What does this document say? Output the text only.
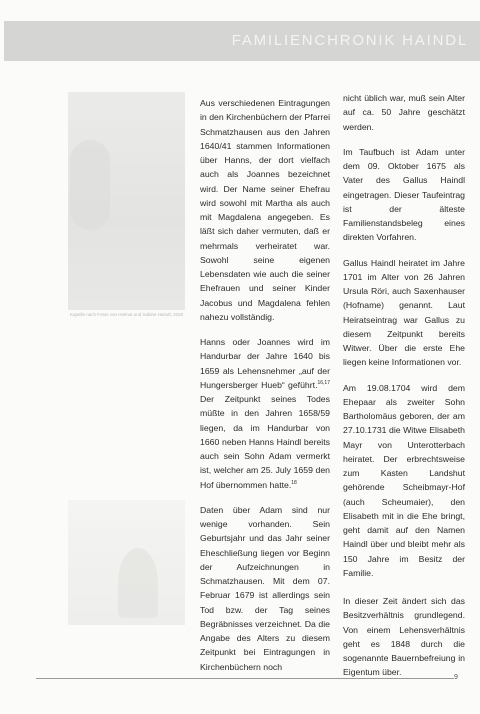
FAMILIENCHRONIK HAINDL
Kapelle nach Fotos von Helmut und Sabine Haindl, 2020

Aus verschiedenen Eintragungen in den Kirchenbüchern der Pfarrei Schmatzhausen aus den Jahren 1640/41 stammen Informationen über Hanns, der dort vielfach auch als Joannes bezeichnet wird. Der Name seiner Ehefrau wird sowohl mit Martha als auch mit Magdalena angegeben. Es läßt sich daher vermuten, daß er mehrmals verheiratet war. Sowohl seine eigenen Lebensdaten wie auch die seiner Ehefrauen und seiner Kinder Jacobus und Magdalena fehlen nahezu vollständig.

Hanns oder Joannes wird im Handurbar der Jahre 1640 bis 1659 als Lehensnehmer „auf der Hungersberger Hueb“ geführt.$^{16,17}$ Der Zeitpunkt seines Todes müßte in den Jahren 1658/59 liegen, da im Handurbar von 1660 neben Hanns Haindl bereits auch sein Sohn Adam vermerkt ist, welcher am 25. July 1659 den Hof übernommen hatte.$^{18}$

Daten über Adam sind nur wenige vorhanden. Sein Geburtsjahr und das Jahr seiner Eheschließung liegen vor Beginn der Aufzeichnungen in Schmatzhausen. Mit dem 07. Februar 1679 ist allerdings sein Tod bzw. der Tag seines Begräbnisses verzeichnet. Da die Angabe des Alters zu diesem Zeitpunkt bei Eintragungen in Kirchenbüchern noch

nicht üblich war, muß sein Alter auf ca. 50 Jahre geschätzt werden.

Im Taufbuch ist Adam unter dem 09. Oktober 1675 als Vater des Gallus Haindl eingetragen. Dieser Taufeintrag ist der älteste Familienstandsbeleg eines direkten Vorfahren.

Gallus Haindl heiratet im Jahre 1701 im Alter von 26 Jahren Ursula Röri, auch Saxenhauser (Hofname) genannt. Laut Heiratseintrag war Gallus zu diesem Zeitpunkt bereits Witwer. Über die erste Ehe liegen keine Informationen vor.

Am 19.08.1704 wird dem Ehepaar als zweiter Sohn Bartholomäus geboren, der am 27.10.1731 die Witwe Elisabeth Mayr von Unterotterbach heiratet. Der erbrechtsweise zum Kasten Landshut gehörende Scheibmayr-Hof (auch Scheumaier), den Elisabeth mit in die Ehe bringt, geht damit auf den Namen Haindl über und bleibt mehr als 150 Jahre im Besitz der Familie.

In dieser Zeit ändert sich das Besitzverhältnis grundlegend. Von einem Lehensverhältnis geht es 1848 durch die sogenannte Bauernbefreiung in Eigentum über.

9
